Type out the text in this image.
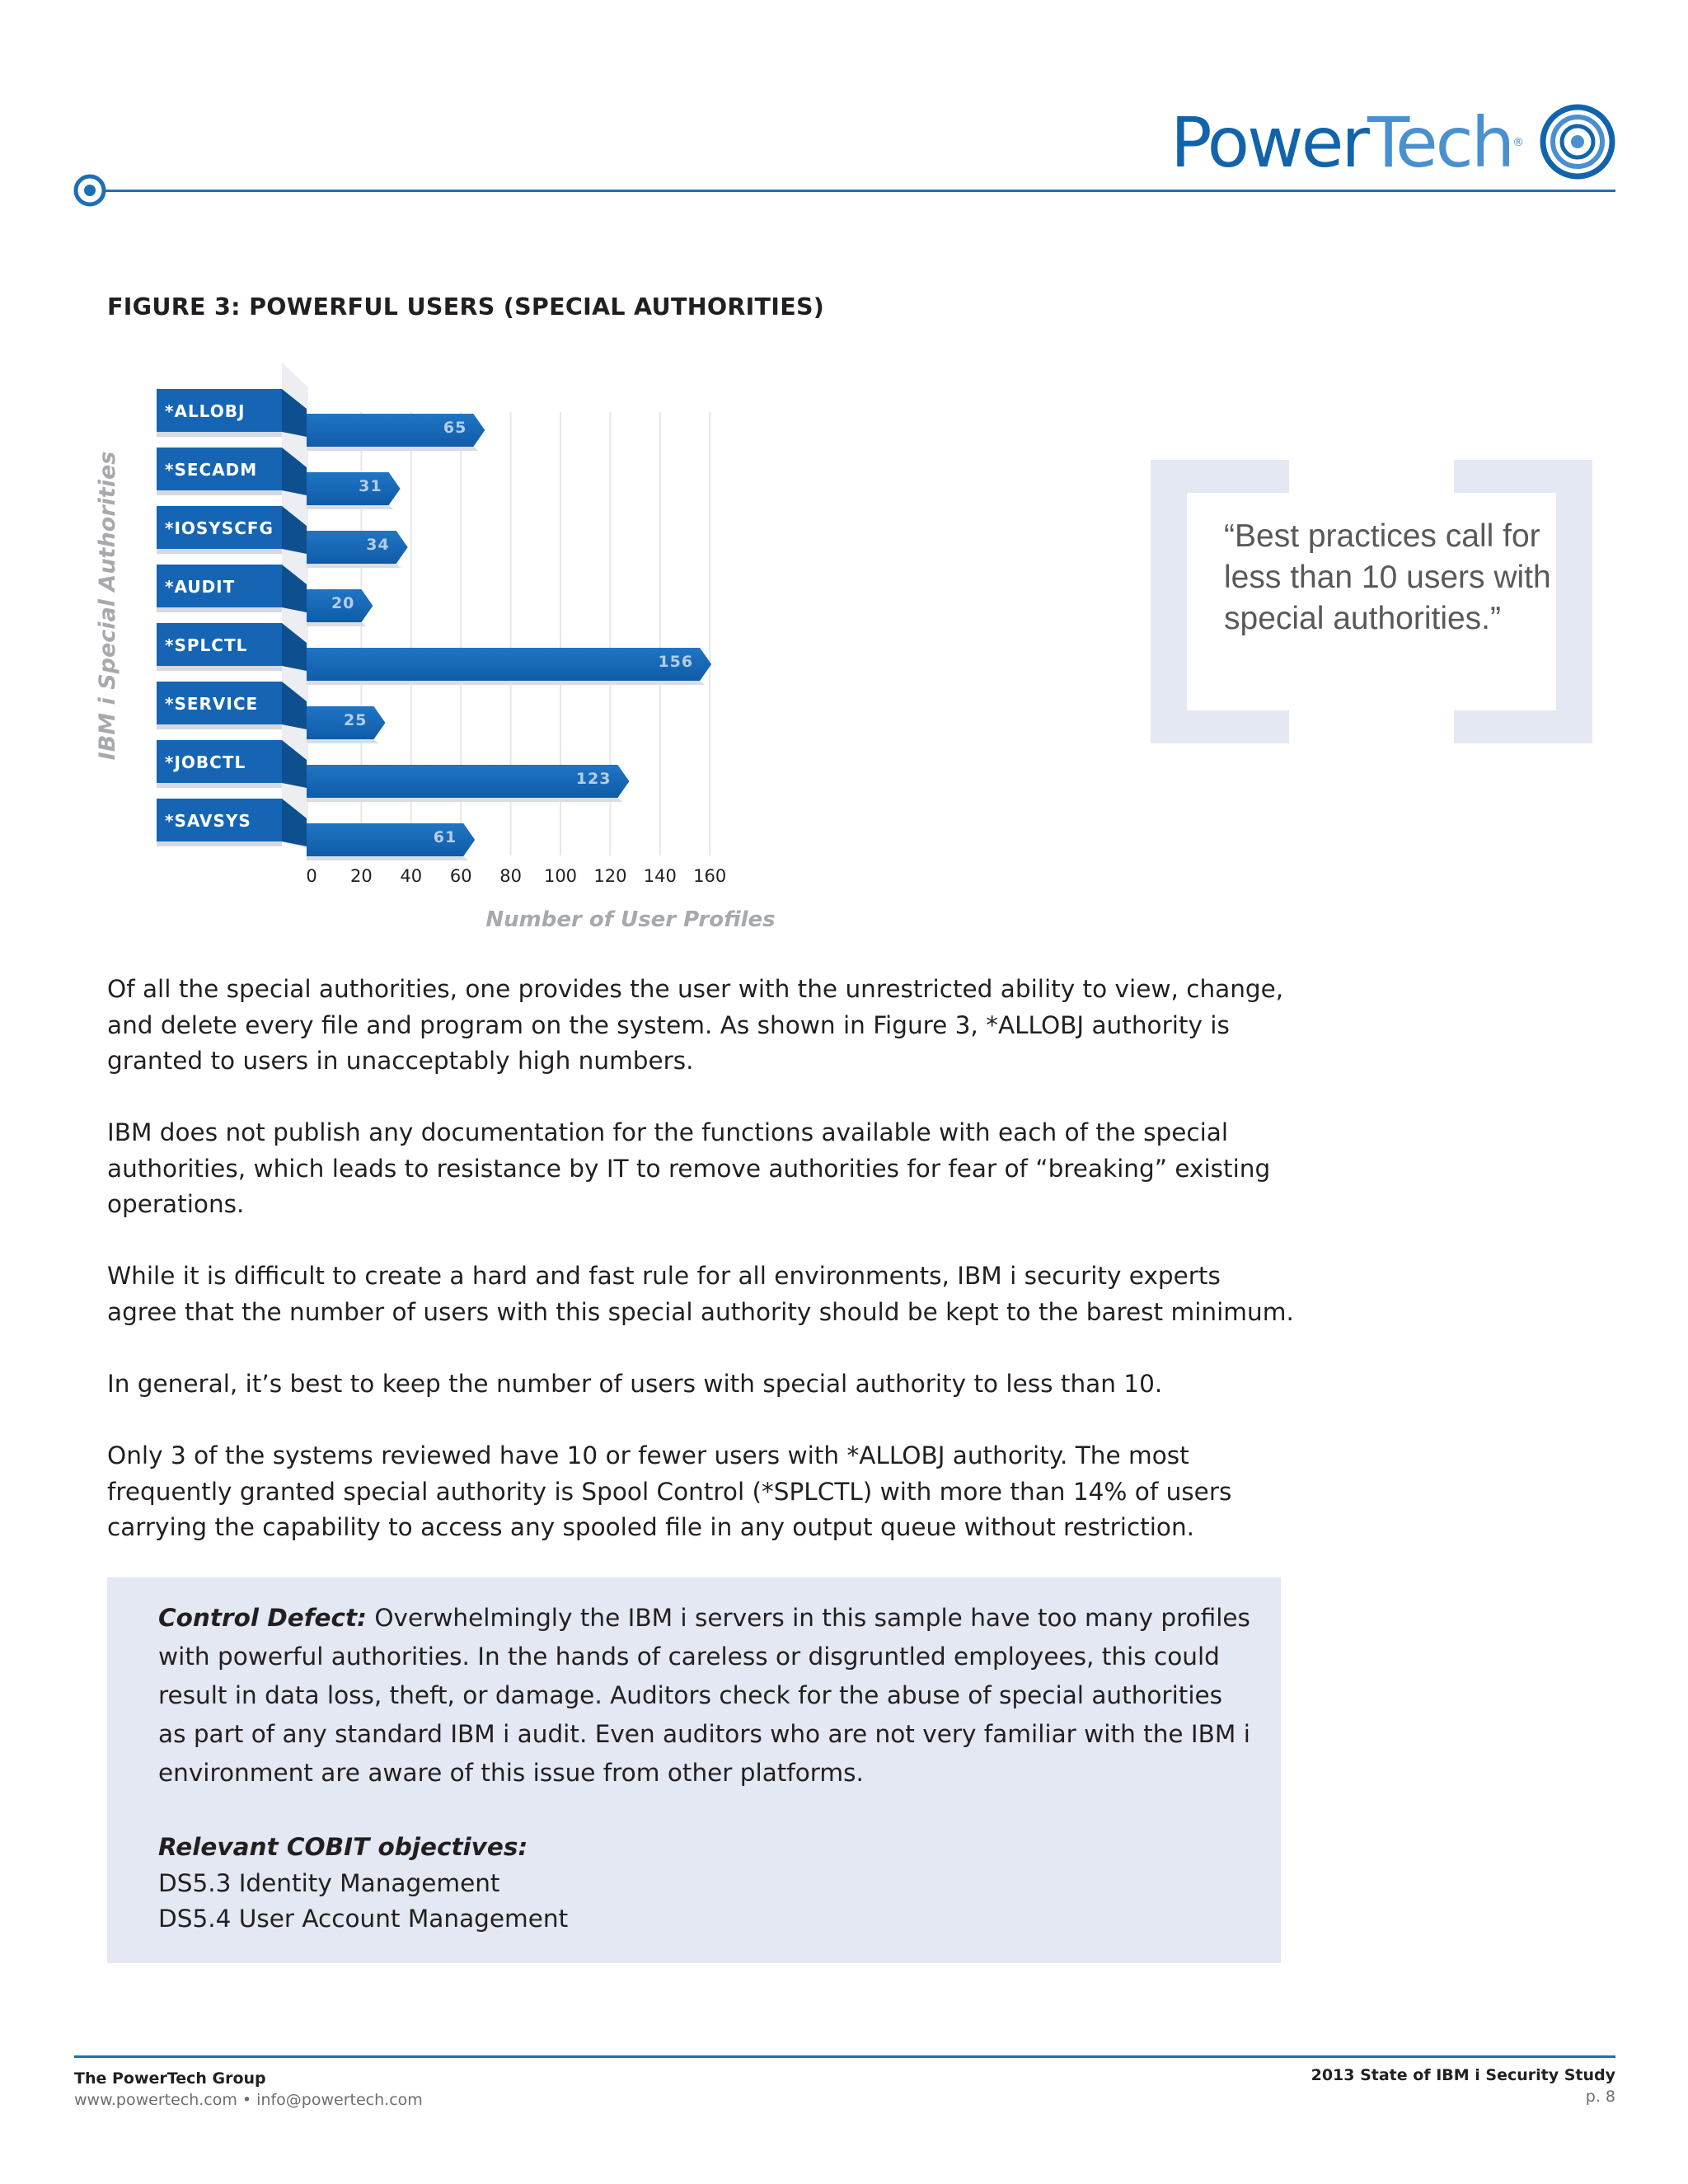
PowerTech®
FIGURE 3: POWERFUL USERS (SPECIAL AUTHORITIES)
65
31
34
20
156
25
123
61
*ALLOBJ
*SECADM
*IOSYSCFG
*AUDIT
*SPLCTL
*SERVICE
*JOBCTL
*SAVSYS
0 20 40 60 80 100 120 140 160
Number of User Profiles
IBM i Special Authorities	“Best practices call for less than 10 users with special authorities.”
Of all the special authorities, one provides the user with the unrestricted ability to view, change, and delete every file and program on the system. As shown in Figure 3, *ALLOBJ authority is granted to users in unacceptably high numbers.
IBM does not publish any documentation for the functions available with each of the special authorities, which leads to resistance by IT to remove authorities for fear of “breaking” existing operations.
While it is difficult to create a hard and fast rule for all environments, IBM i security experts agree that the number of users with this special authority should be kept to the barest minimum.
In general, it’s best to keep the number of users with special authority to less than 10.
Only 3 of the systems reviewed have 10 or fewer users with *ALLOBJ authority. The most frequently granted special authority is Spool Control (*SPLCTL) with more than 14% of users carrying the capability to access any spooled file in any output queue without restriction.
Control Defect: Overwhelmingly the IBM i servers in this sample have too many profiles with powerful authorities. In the hands of careless or disgruntled employees, this could result in data loss, theft, or damage. Auditors check for the abuse of special authorities as part of any standard IBM i audit. Even auditors who are not very familiar with the IBM i environment are aware of this issue from other platforms.
Relevant COBIT objectives:
DS5.3 Identity Management
DS5.4 User Account Management
The PowerTech Group
www.powertech.com • info@powertech.com
2013 State of IBM i Security Study
p. 8
